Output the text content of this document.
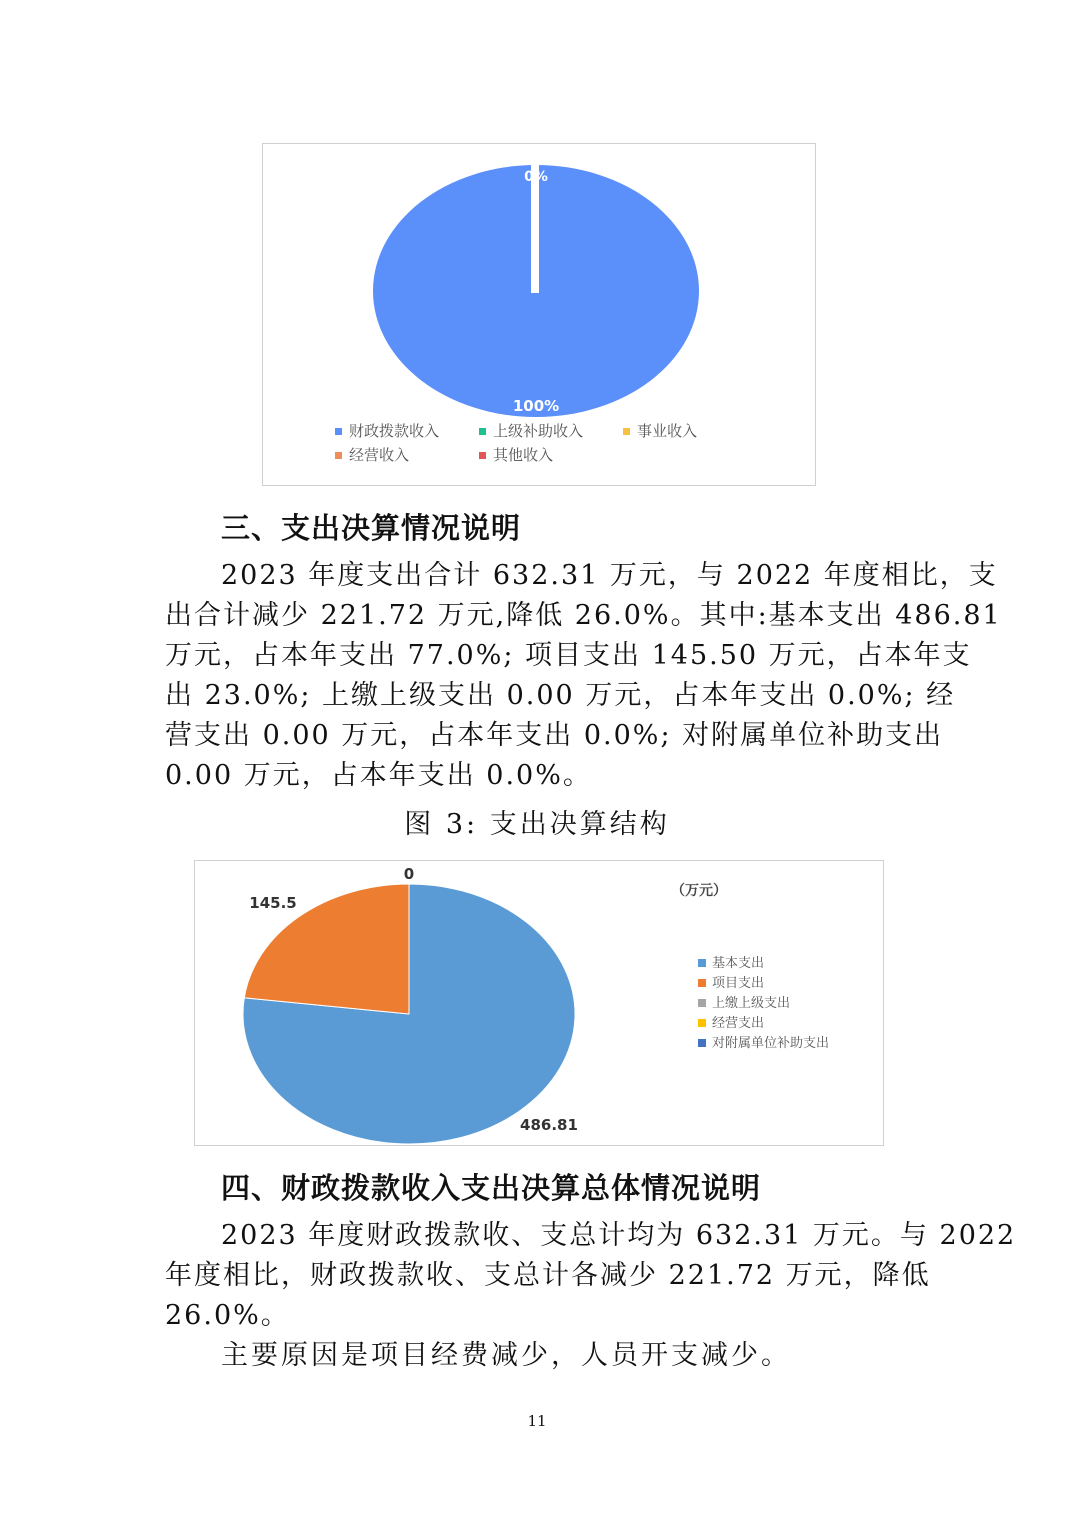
0%
100%
财政拨款收入	上级补助收入	事业收入
经营收入	其他收入
三、支出决算情况说明
2023 年度支出合计 632.31 万元，与 2022 年度相比，支
出合计减少 221.72 万元,降低 26.0%。其中:基本支出 486.81
万元，占本年支出 77.0%; 项目支出 145.50 万元，占本年支
出 23.0%; 上缴上级支出 0.00 万元，占本年支出 0.0%; 经
营支出 0.00 万元，占本年支出 0.0%; 对附属单位补助支出
0.00 万元，占本年支出 0.0%。
图 3: 支出决算结构
0
145.5
486.81
（万元）
基本支出
项目支出
上缴上级支出
经营支出
对附属单位补助支出
四、财政拨款收入支出决算总体情况说明
2023 年度财政拨款收、支总计均为 632.31 万元。与 2022
年度相比，财政拨款收、支总计各减少 221.72 万元，降低
26.0%。
主要原因是项目经费减少，人员开支减少。
11
